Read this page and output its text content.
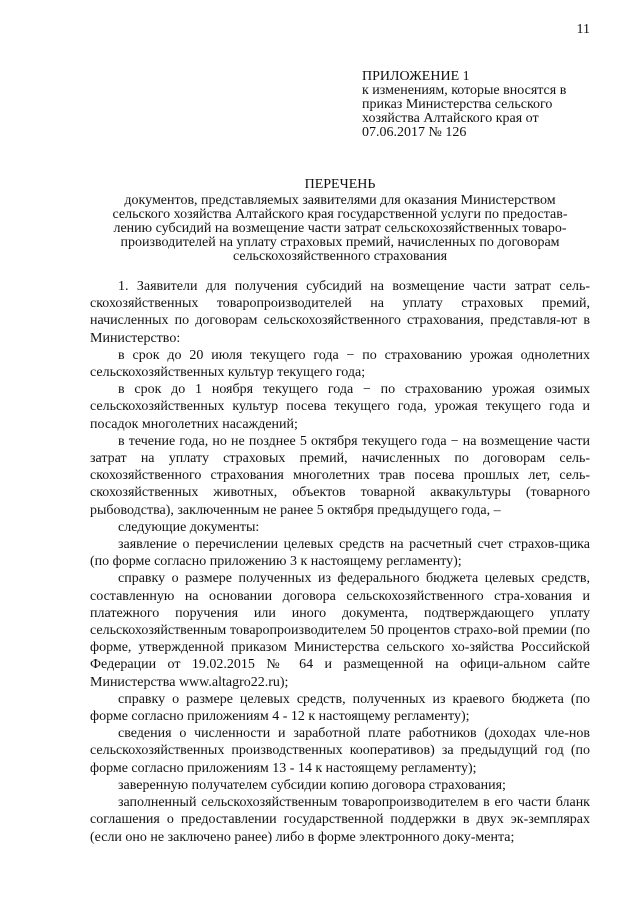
11
ПРИЛОЖЕНИЕ 1
к изменениям, которые вносятся в
приказ Министерства сельского
хозяйства Алтайского края от
07.06.2017 № 126
ПЕРЕЧЕНЬ
документов, представляемых заявителями для оказания Министерством
сельского хозяйства Алтайского края государственной услуги по предостав-
лению субсидий на возмещение части затрат сельскохозяйственных товаро-
производителей на уплату страховых премий, начисленных по договорам
сельскохозяйственного страхования

1. Заявители для получения субсидий на возмещение части затрат сель-скохозяйственных товаропроизводителей на уплату страховых премий, начисленных по договорам сельскохозяйственного страхования, представля-ют в Министерство:

в срок до 20 июля текущего года − по страхованию урожая однолетних сельскохозяйственных культур текущего года;

в срок до 1 ноября текущего года − по страхованию урожая озимых сельскохозяйственных культур посева текущего года, урожая текущего года и посадок многолетних насаждений;

в течение года, но не позднее 5 октября текущего года − на возмещение части затрат на уплату страховых премий, начисленных по договорам сель-скохозяйственного страхования многолетних трав посева прошлых лет, сель-скохозяйственных животных, объектов товарной аквакультуры (товарного рыбоводства), заключенным не ранее 5 октября предыдущего года, –

следующие документы:

заявление о перечислении целевых средств на расчетный счет страхов-щика (по форме согласно приложению 3 к настоящему регламенту);

справку о размере полученных из федерального бюджета целевых средств, составленную на основании договора сельскохозяйственного стра-хования и платежного поручения или иного документа, подтверждающего уплату сельскохозяйственным товаропроизводителем 50 процентов страхо-вой премии (по форме, утвержденной приказом Министерства сельского хо-зяйства Российской Федерации от 19.02.2015 № 64 и размещенной на офици-альном сайте Министерства www.altagro22.ru);

справку о размере целевых средств, полученных из краевого бюджета (по форме согласно приложениям 4 - 12 к настоящему регламенту);

сведения о численности и заработной плате работников (доходах чле-нов сельскохозяйственных производственных кооперативов) за предыдущий год (по форме согласно приложениям 13 - 14 к настоящему регламенту);

заверенную получателем субсидии копию договора страхования;

заполненный сельскохозяйственным товаропроизводителем в его части бланк соглашения о предоставлении государственной поддержки в двух эк-земплярах (если оно не заключено ранее) либо в форме электронного доку-мента;
